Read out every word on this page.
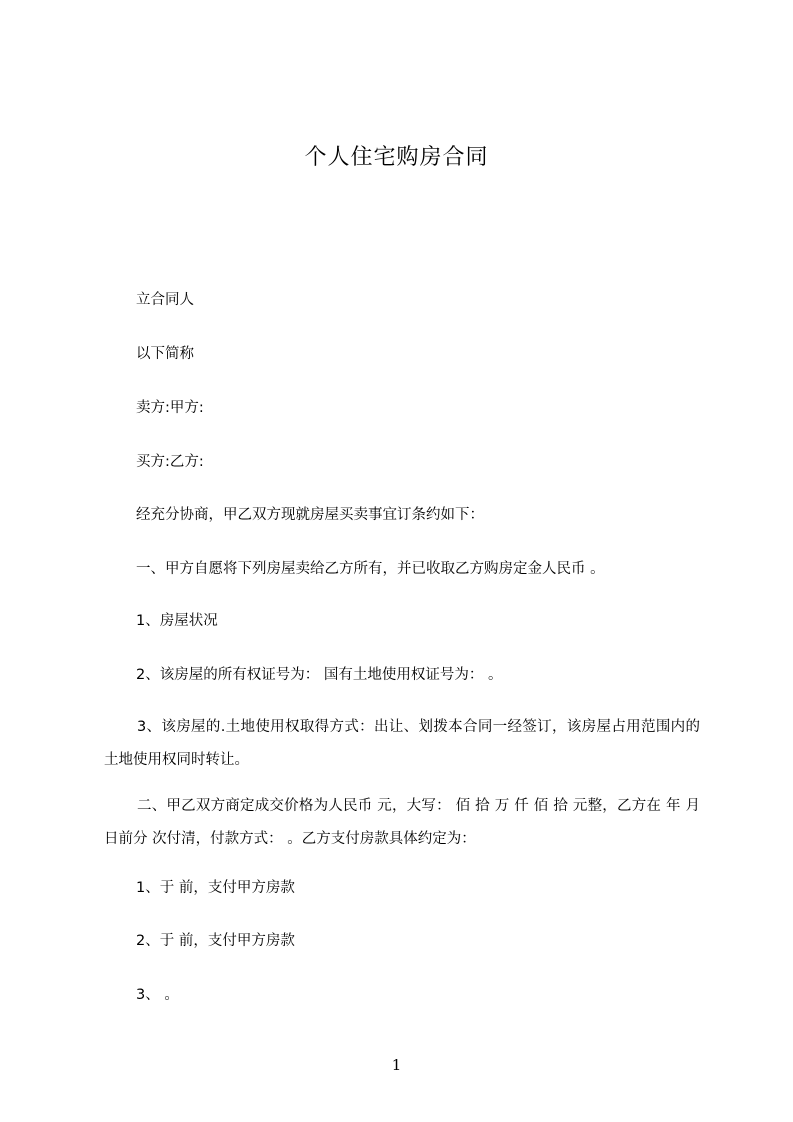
个人住宅购房合同
立合同人
以下简称
卖方:甲方:
买方:乙方:
经充分协商，甲乙双方现就房屋买卖事宜订条约如下：
一、甲方自愿将下列房屋卖给乙方所有，并已收取乙方购房定金人民币 。
1、房屋状况
2、该房屋的所有权证号为： 国有土地使用权证号为： 。
3、该房屋的.土地使用权取得方式：出让、划拨本合同一经签订，该房屋占用范围内的土地使用权同时转让。
二、甲乙双方商定成交价格为人民币 元，大写： 佰 拾 万 仟 佰 拾 元整，乙方在 年 月 日前分 次付清，付款方式： 。乙方支付房款具体约定为：
1、于 前，支付甲方房款
2、于 前，支付甲方房款
3、 。
1
